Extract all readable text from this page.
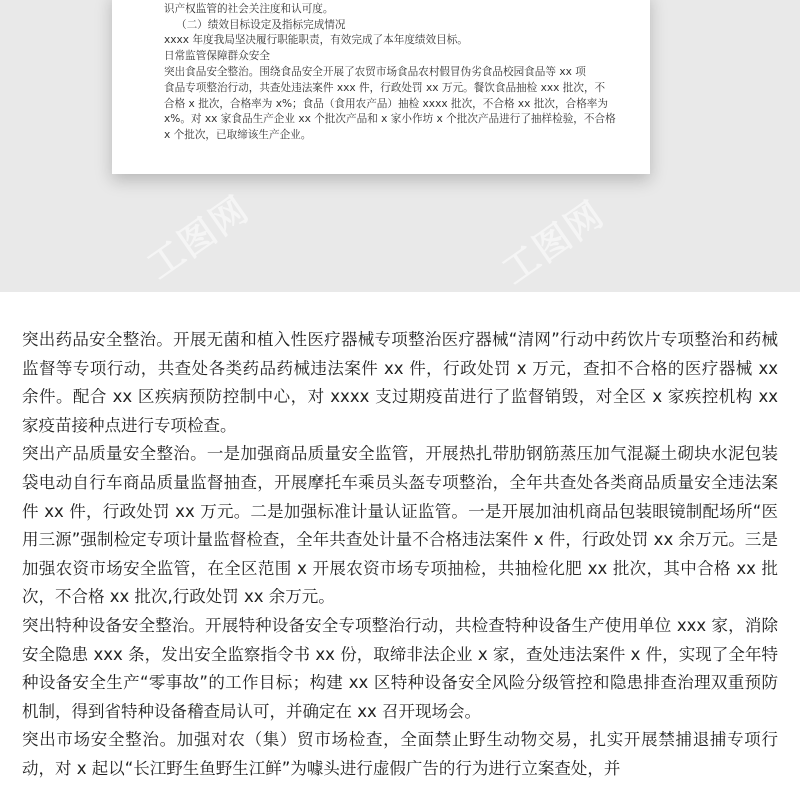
识产权监管的社会关注度和认可度。

（二）绩效目标设定及指标完成情况

xxxx 年度我局坚决履行职能职责，有效完成了本年度绩效目标。

日常监管保障群众安全

突出食品安全整治。围绕食品安全开展了农贸市场食品农村假冒伪劣食品校园食品等 xx 项

食品专项整治行动，共查处违法案件 xxx 件，行政处罚 xx 万元。餐饮食品抽检 xxx 批次，不

合格 x 批次，合格率为 x%；食品（食用农产品）抽检 xxxx 批次，不合格 xx 批次，合格率为

x%。对 xx 家食品生产企业 xx 个批次产品和 x 家小作坊 x 个批次产品进行了抽样检验，不合格

x 个批次，已取缔该生产企业。

工图网	工图网

突出药品安全整治。开展无菌和植入性医疗器械专项整治医疗器械“清网”行动中药饮片专项整治和药械监督等专项行动，共查处各类药品药械违法案件 xx 件，行政处罚 x 万元，查扣不合格的医疗器械 xx 余件。配合 xx 区疾病预防控制中心，对 xxxx 支过期疫苗进行了监督销毁，对全区 x 家疾控机构 xx 家疫苗接种点进行专项检查。

突出产品质量安全整治。一是加强商品质量安全监管，开展热扎带肋钢筋蒸压加气混凝土砌块水泥包装袋电动自行车商品质量监督抽查，开展摩托车乘员头盔专项整治，全年共查处各类商品质量安全违法案件 xx 件，行政处罚 xx 万元。二是加强标准计量认证监管。一是开展加油机商品包装眼镜制配场所“医用三源”强制检定专项计量监督检查，全年共查处计量不合格违法案件 x 件，行政处罚 xx 余万元。三是加强农资市场安全监管，在全区范围 x 开展农资市场专项抽检，共抽检化肥 xx 批次，其中合格 xx 批次，不合格 xx 批次,行政处罚 xx 余万元。

突出特种设备安全整治。开展特种设备安全专项整治行动，共检查特种设备生产使用单位 xxx 家，消除安全隐患 xxx 条，发出安全监察指令书 xx 份，取缔非法企业 x 家，查处违法案件 x 件，实现了全年特种设备安全生产“零事故”的工作目标；构建 xx 区特种设备安全风险分级管控和隐患排查治理双重预防机制，得到省特种设备稽查局认可，并确定在 xx 召开现场会。

突出市场安全整治。加强对农（集）贸市场检查，全面禁止野生动物交易，扎实开展禁捕退捕专项行动，对 x 起以“长江野生鱼野生江鲜”为噱头进行虚假广告的行为进行立案查处，并
